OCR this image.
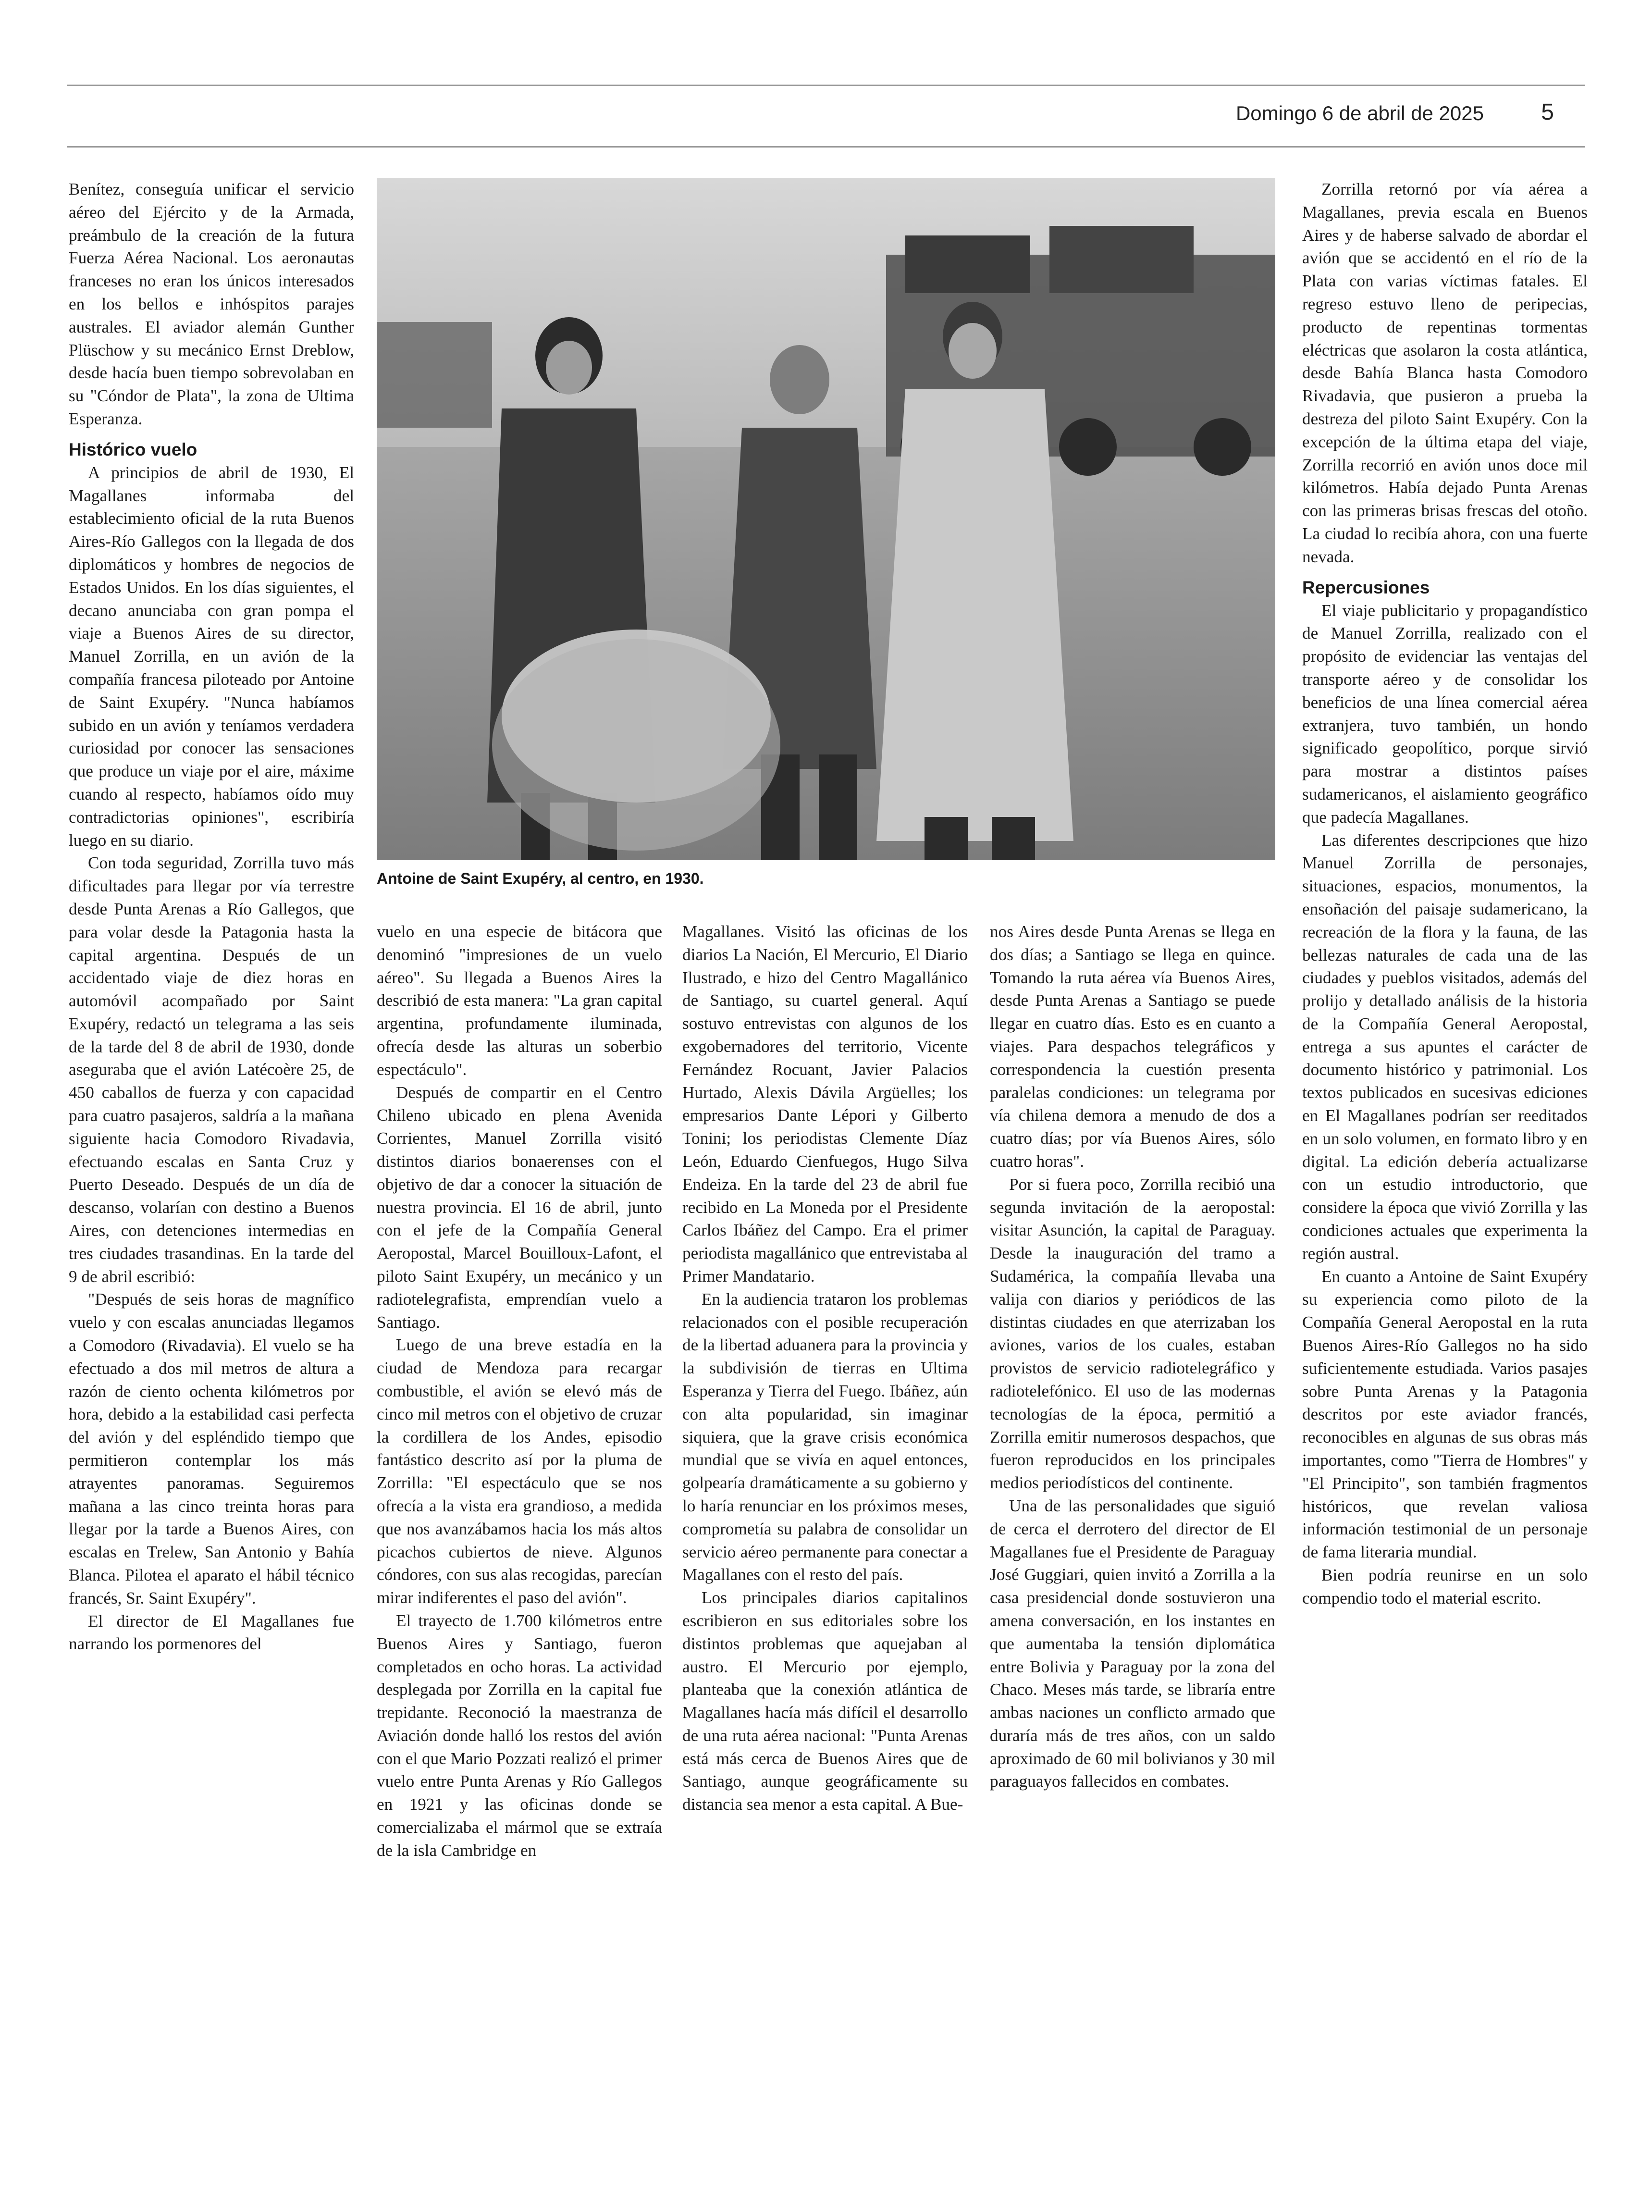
Domingo 6 de abril de 2025 5

Benítez, conseguía unificar el servicio aéreo del Ejército y de la Armada, preámbulo de la creación de la futura Fuerza Aérea Nacional. Los aeronautas franceses no eran los únicos interesados en los bellos e inhóspitos parajes australes. El aviador alemán Gunther Plüschow y su mecánico Ernst Dreblow, desde hacía buen tiempo sobrevolaban en su "Cóndor de Plata", la zona de Ultima Esperanza.

Histórico vuelo

A principios de abril de 1930, El Magallanes informaba del establecimiento oficial de la ruta Buenos Aires-Río Gallegos con la llegada de dos diplomáticos y hombres de negocios de Estados Unidos. En los días siguientes, el decano anunciaba con gran pompa el viaje a Buenos Aires de su director, Manuel Zorrilla, en un avión de la compañía francesa piloteado por Antoine de Saint Exupéry. "Nunca habíamos subido en un avión y teníamos verdadera curiosidad por conocer las sensaciones que produce un viaje por el aire, máxime cuando al respecto, habíamos oído muy contradictorias opiniones", escribiría luego en su diario.

Con toda seguridad, Zorrilla tuvo más dificultades para llegar por vía terrestre desde Punta Arenas a Río Gallegos, que para volar desde la Patagonia hasta la capital argentina. Después de un accidentado viaje de diez horas en automóvil acompañado por Saint Exupéry, redactó un telegrama a las seis de la tarde del 8 de abril de 1930, donde aseguraba que el avión Latécoère 25, de 450 caballos de fuerza y con capacidad para cuatro pasajeros, saldría a la mañana siguiente hacia Comodoro Rivadavia, efectuando escalas en Santa Cruz y Puerto Deseado. Después de un día de descanso, volarían con destino a Buenos Aires, con detenciones intermedias en tres ciudades trasandinas. En la tarde del 9 de abril escribió:

"Después de seis horas de magnífico vuelo y con escalas anunciadas llegamos a Comodoro (Rivadavia). El vuelo se ha efectuado a dos mil metros de altura a razón de ciento ochenta kilómetros por hora, debido a la estabilidad casi perfecta del avión y del espléndido tiempo que permitieron contemplar los más atrayentes panoramas. Seguiremos mañana a las cinco treinta horas para llegar por la tarde a Buenos Aires, con escalas en Trelew, San Antonio y Bahía Blanca. Pilotea el aparato el hábil técnico francés, Sr. Saint Exupéry".

El director de El Magallanes fue narrando los pormenores del

Antoine de Saint Exupéry, al centro, en 1930.

vuelo en una especie de bitácora que denominó "impresiones de un vuelo aéreo". Su llegada a Buenos Aires la describió de esta manera: "La gran capital argentina, profundamente iluminada, ofrecía desde las alturas un soberbio espectáculo".

Después de compartir en el Centro Chileno ubicado en plena Avenida Corrientes, Manuel Zorrilla visitó distintos diarios bonaerenses con el objetivo de dar a conocer la situación de nuestra provincia. El 16 de abril, junto con el jefe de la Compañía General Aeropostal, Marcel Bouilloux-Lafont, el piloto Saint Exupéry, un mecánico y un radiotelegrafista, emprendían vuelo a Santiago.

Luego de una breve estadía en la ciudad de Mendoza para recargar combustible, el avión se elevó más de cinco mil metros con el objetivo de cruzar la cordillera de los Andes, episodio fantástico descrito así por la pluma de Zorrilla: "El espectáculo que se nos ofrecía a la vista era grandioso, a medida que nos avanzábamos hacia los más altos picachos cubiertos de nieve. Algunos cóndores, con sus alas recogidas, parecían mirar indiferentes el paso del avión".

El trayecto de 1.700 kilómetros entre Buenos Aires y Santiago, fueron completados en ocho horas. La actividad desplegada por Zorrilla en la capital fue trepidante. Reconoció la maestranza de Aviación donde halló los restos del avión con el que Mario Pozzati realizó el primer vuelo entre Punta Arenas y Río Gallegos en 1921 y las oficinas donde se comercializaba el mármol que se extraía de la isla Cambridge en

Magallanes. Visitó las oficinas de los diarios La Nación, El Mercurio, El Diario Ilustrado, e hizo del Centro Magallánico de Santiago, su cuartel general. Aquí sostuvo entrevistas con algunos de los exgobernadores del territorio, Vicente Fernández Rocuant, Javier Palacios Hurtado, Alexis Dávila Argüelles; los empresarios Dante Lépori y Gilberto Tonini; los periodistas Clemente Díaz León, Eduardo Cienfuegos, Hugo Silva Endeiza. En la tarde del 23 de abril fue recibido en La Moneda por el Presidente Carlos Ibáñez del Campo. Era el primer periodista magallánico que entrevistaba al Primer Mandatario.

En la audiencia trataron los problemas relacionados con el posible recuperación de la libertad aduanera para la provincia y la subdivisión de tierras en Ultima Esperanza y Tierra del Fuego. Ibáñez, aún con alta popularidad, sin imaginar siquiera, que la grave crisis económica mundial que se vivía en aquel entonces, golpearía dramáticamente a su gobierno y lo haría renunciar en los próximos meses, comprometía su palabra de consolidar un servicio aéreo permanente para conectar a Magallanes con el resto del país.

Los principales diarios capitalinos escribieron en sus editoriales sobre los distintos problemas que aquejaban al austro. El Mercurio por ejemplo, planteaba que la conexión atlántica de Magallanes hacía más difícil el desarrollo de una ruta aérea nacional: "Punta Arenas está más cerca de Buenos Aires que de Santiago, aunque geográficamente su distancia sea menor a esta capital. A Bue-

nos Aires desde Punta Arenas se llega en dos días; a Santiago se llega en quince. Tomando la ruta aérea vía Buenos Aires, desde Punta Arenas a Santiago se puede llegar en cuatro días. Esto es en cuanto a viajes. Para despachos telegráficos y correspondencia la cuestión presenta paralelas condiciones: un telegrama por vía chilena demora a menudo de dos a cuatro días; por vía Buenos Aires, sólo cuatro horas".

Por si fuera poco, Zorrilla recibió una segunda invitación de la aeropostal: visitar Asunción, la capital de Paraguay. Desde la inauguración del tramo a Sudamérica, la compañía llevaba una valija con diarios y periódicos de las distintas ciudades en que aterrizaban los aviones, varios de los cuales, estaban provistos de servicio radiotelegráfico y radiotelefónico. El uso de las modernas tecnologías de la época, permitió a Zorrilla emitir numerosos despachos, que fueron reproducidos en los principales medios periodísticos del continente.

Una de las personalidades que siguió de cerca el derrotero del director de El Magallanes fue el Presidente de Paraguay José Guggiari, quien invitó a Zorrilla a la casa presidencial donde sostuvieron una amena conversación, en los instantes en que aumentaba la tensión diplomática entre Bolivia y Paraguay por la zona del Chaco. Meses más tarde, se libraría entre ambas naciones un conflicto armado que duraría más de tres años, con un saldo aproximado de 60 mil bolivianos y 30 mil paraguayos fallecidos en combates.

Zorrilla retornó por vía aérea a Magallanes, previa escala en Buenos Aires y de haberse salvado de abordar el avión que se accidentó en el río de la Plata con varias víctimas fatales. El regreso estuvo lleno de peripecias, producto de repentinas tormentas eléctricas que asolaron la costa atlántica, desde Bahía Blanca hasta Comodoro Rivadavia, que pusieron a prueba la destreza del piloto Saint Exupéry. Con la excepción de la última etapa del viaje, Zorrilla recorrió en avión unos doce mil kilómetros. Había dejado Punta Arenas con las primeras brisas frescas del otoño. La ciudad lo recibía ahora, con una fuerte nevada.

Repercusiones

El viaje publicitario y propagandístico de Manuel Zorrilla, realizado con el propósito de evidenciar las ventajas del transporte aéreo y de consolidar los beneficios de una línea comercial aérea extranjera, tuvo también, un hondo significado geopolítico, porque sirvió para mostrar a distintos países sudamericanos, el aislamiento geográfico que padecía Magallanes.

Las diferentes descripciones que hizo Manuel Zorrilla de personajes, situaciones, espacios, monumentos, la ensoñación del paisaje sudamericano, la recreación de la flora y la fauna, de las bellezas naturales de cada una de las ciudades y pueblos visitados, además del prolijo y detallado análisis de la historia de la Compañía General Aeropostal, entrega a sus apuntes el carácter de documento histórico y patrimonial. Los textos publicados en sucesivas ediciones en El Magallanes podrían ser reeditados en un solo volumen, en formato libro y en digital. La edición debería actualizarse con un estudio introductorio, que considere la época que vivió Zorrilla y las condiciones actuales que experimenta la región austral.

En cuanto a Antoine de Saint Exupéry su experiencia como piloto de la Compañía General Aeropostal en la ruta Buenos Aires-Río Gallegos no ha sido suficientemente estudiada. Varios pasajes sobre Punta Arenas y la Patagonia descritos por este aviador francés, reconocibles en algunas de sus obras más importantes, como "Tierra de Hombres" y "El Principito", son también fragmentos históricos, que revelan valiosa información testimonial de un personaje de fama literaria mundial.

Bien podría reunirse en un solo compendio todo el material escrito.
